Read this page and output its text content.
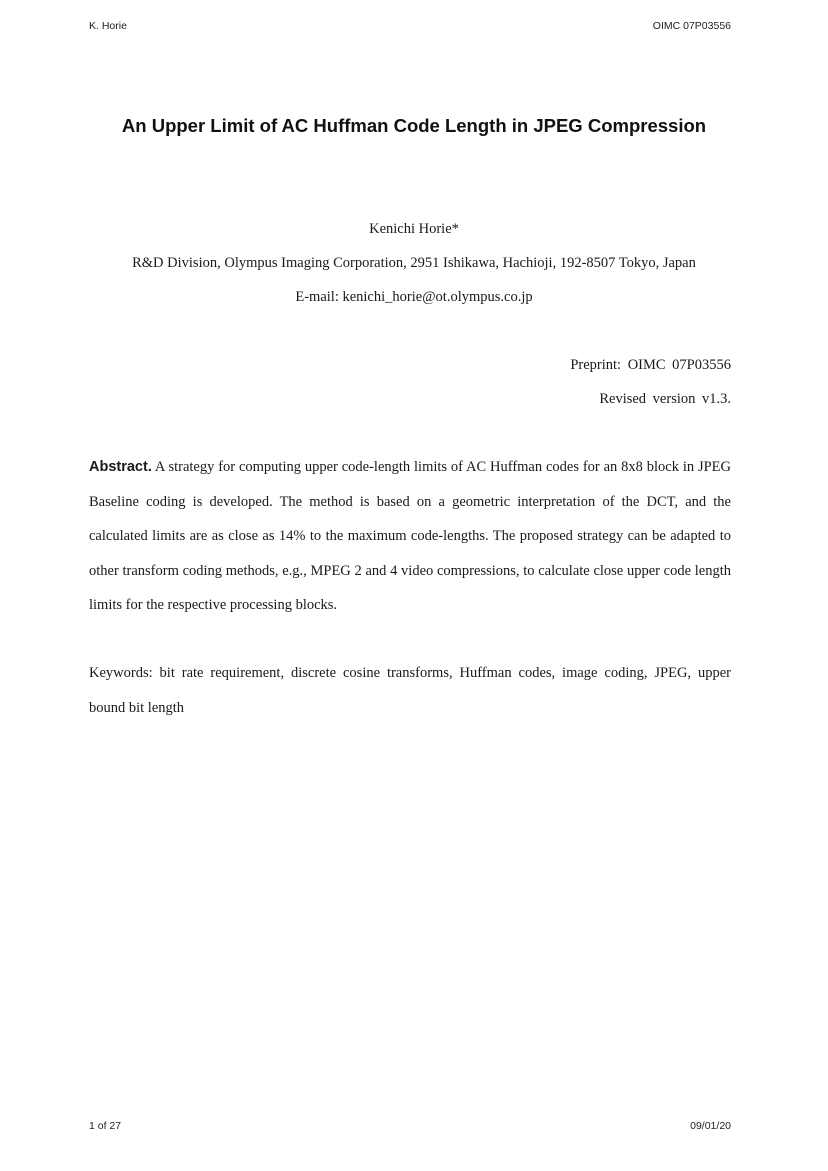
K. Horie	OIMC 07P03556
An Upper Limit of AC Huffman Code Length in JPEG Compression
Kenichi Horie*
R&D Division, Olympus Imaging Corporation, 2951 Ishikawa, Hachioji, 192-8507 Tokyo, Japan
E-mail: kenichi_horie@ot.olympus.co.jp
Preprint: OIMC 07P03556
Revised version v1.3.
Abstract. A strategy for computing upper code-length limits of AC Huffman codes for an 8x8 block in JPEG Baseline coding is developed. The method is based on a geometric interpretation of the DCT, and the calculated limits are as close as 14% to the maximum code-lengths. The proposed strategy can be adapted to other transform coding methods, e.g., MPEG 2 and 4 video compressions, to calculate close upper code length limits for the respective processing blocks.
Keywords: bit rate requirement, discrete cosine transforms, Huffman codes, image coding, JPEG, upper bound bit length
1 of 27	09/01/20
